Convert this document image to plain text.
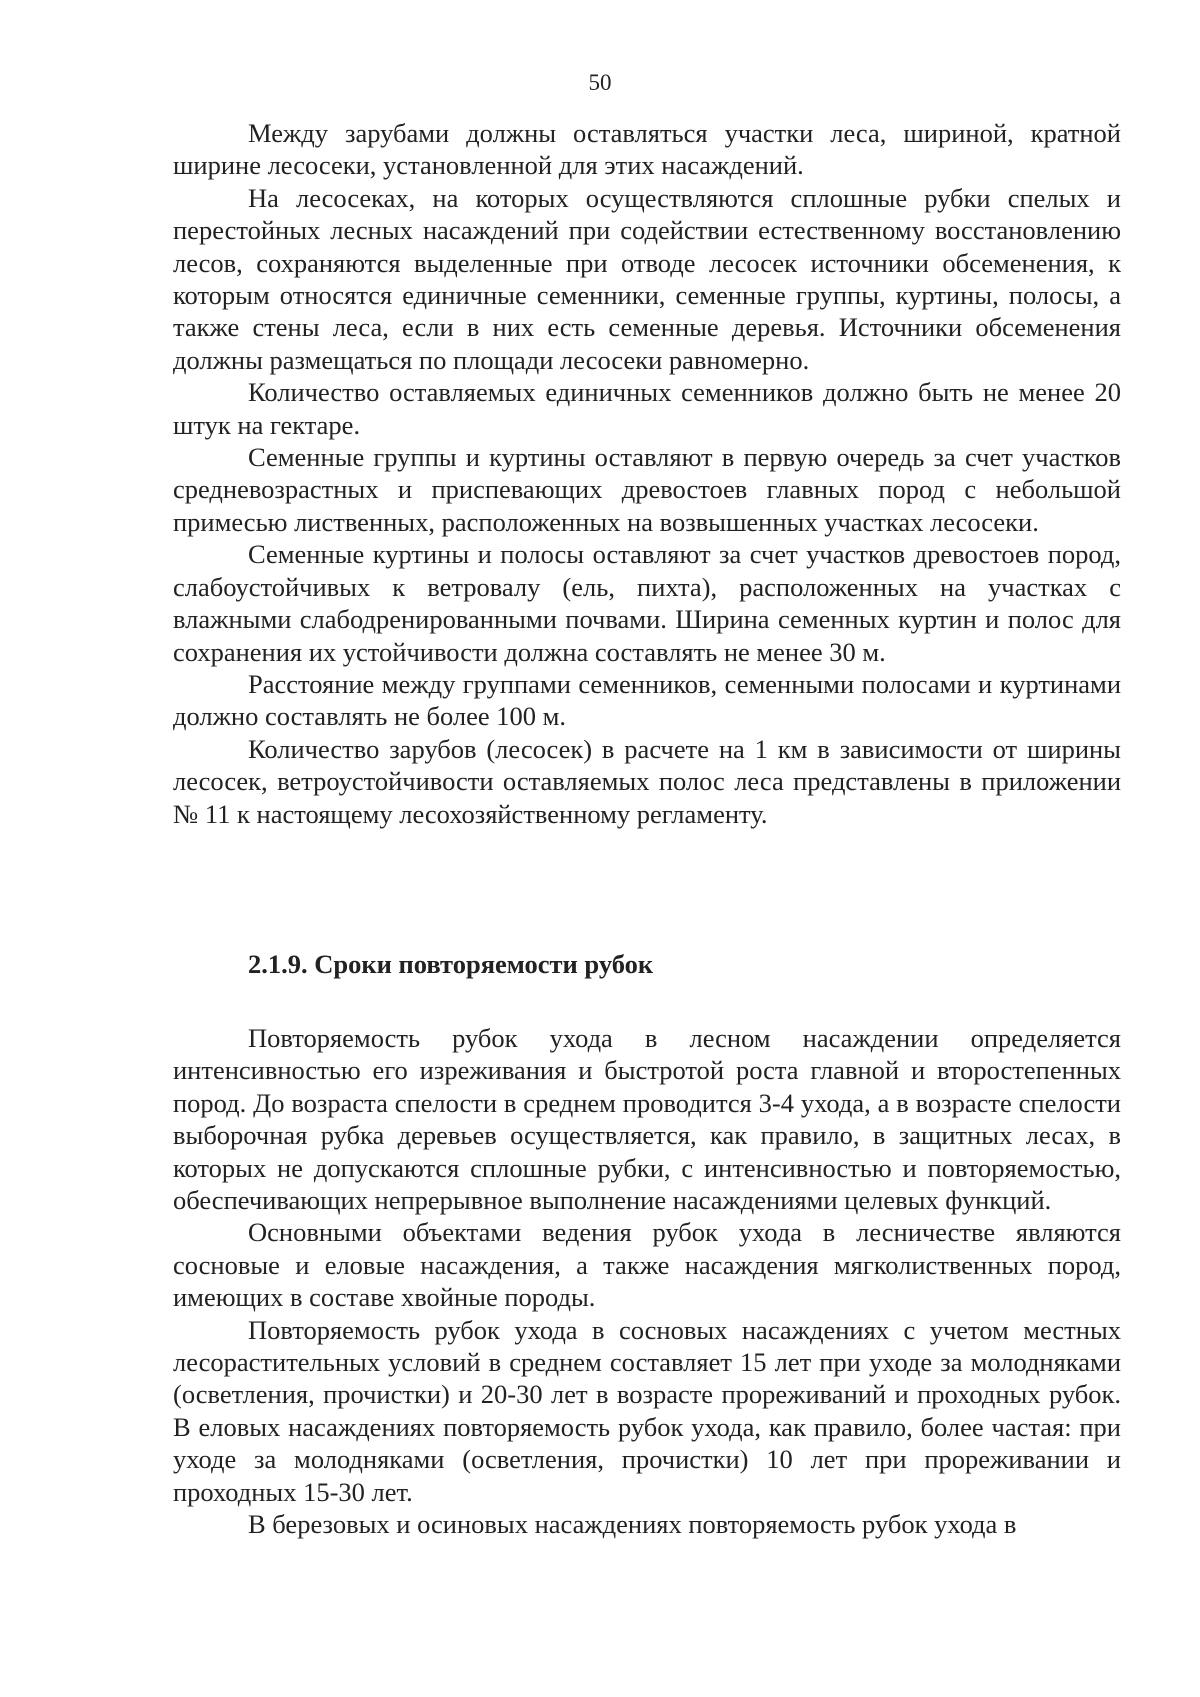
50

Между зарубами должны оставляться участки леса, шириной, кратной ширине лесосеки, установленной для этих насаждений.

На лесосеках, на которых осуществляются сплошные рубки спелых и перестойных лесных насаждений при содействии естественному восстановлению лесов, сохраняются выделенные при отводе лесосек источники обсеменения, к которым относятся единичные семенники, семенные группы, куртины, полосы, а также стены леса, если в них есть семенные деревья. Источники обсеменения должны размещаться по площади лесосеки равномерно.

Количество оставляемых единичных семенников должно быть не менее 20 штук на гектаре.

Семенные группы и куртины оставляют в первую очередь за счет участков средневозрастных и приспевающих древостоев главных пород с небольшой примесью лиственных, расположенных на возвышенных участках лесосеки.

Семенные куртины и полосы оставляют за счет участков древостоев пород, слабоустойчивых к ветровалу (ель, пихта), расположенных на участках с влажными слабодренированными почвами. Ширина семенных куртин и полос для сохранения их устойчивости должна составлять не менее 30 м.

Расстояние между группами семенников, семенными полосами и куртинами должно составлять не более 100 м.

Количество зарубов (лесосек) в расчете на 1 км в зависимости от ширины лесосек, ветроустойчивости оставляемых полос леса представлены в приложении № 11 к настоящему лесохозяйственному регламенту.

2.1.9. Сроки повторяемости рубок

Повторяемость рубок ухода в лесном насаждении определяется интенсивностью его изреживания и быстротой роста главной и второстепенных пород. До возраста спелости в среднем проводится 3-4 ухода, а в возрасте спелости выборочная рубка деревьев осуществляется, как правило, в защитных лесах, в которых не допускаются сплошные рубки, с интенсивностью и повторяемостью, обеспечивающих непрерывное выполнение насаждениями целевых функций.

Основными объектами ведения рубок ухода в лесничестве являются сосновые и еловые насаждения, а также насаждения мягколиственных пород, имеющих в составе хвойные породы.

Повторяемость рубок ухода в сосновых насаждениях с учетом местных лесорастительных условий в среднем составляет 15 лет при уходе за молодняками (осветления, прочистки) и 20-30 лет в возрасте прореживаний и проходных рубок. В еловых насаждениях повторяемость рубок ухода, как правило, более частая: при уходе за молодняками (осветления, прочистки) 10 лет при прореживании и проходных 15-30 лет.

В березовых и осиновых насаждениях повторяемость рубок ухода в
